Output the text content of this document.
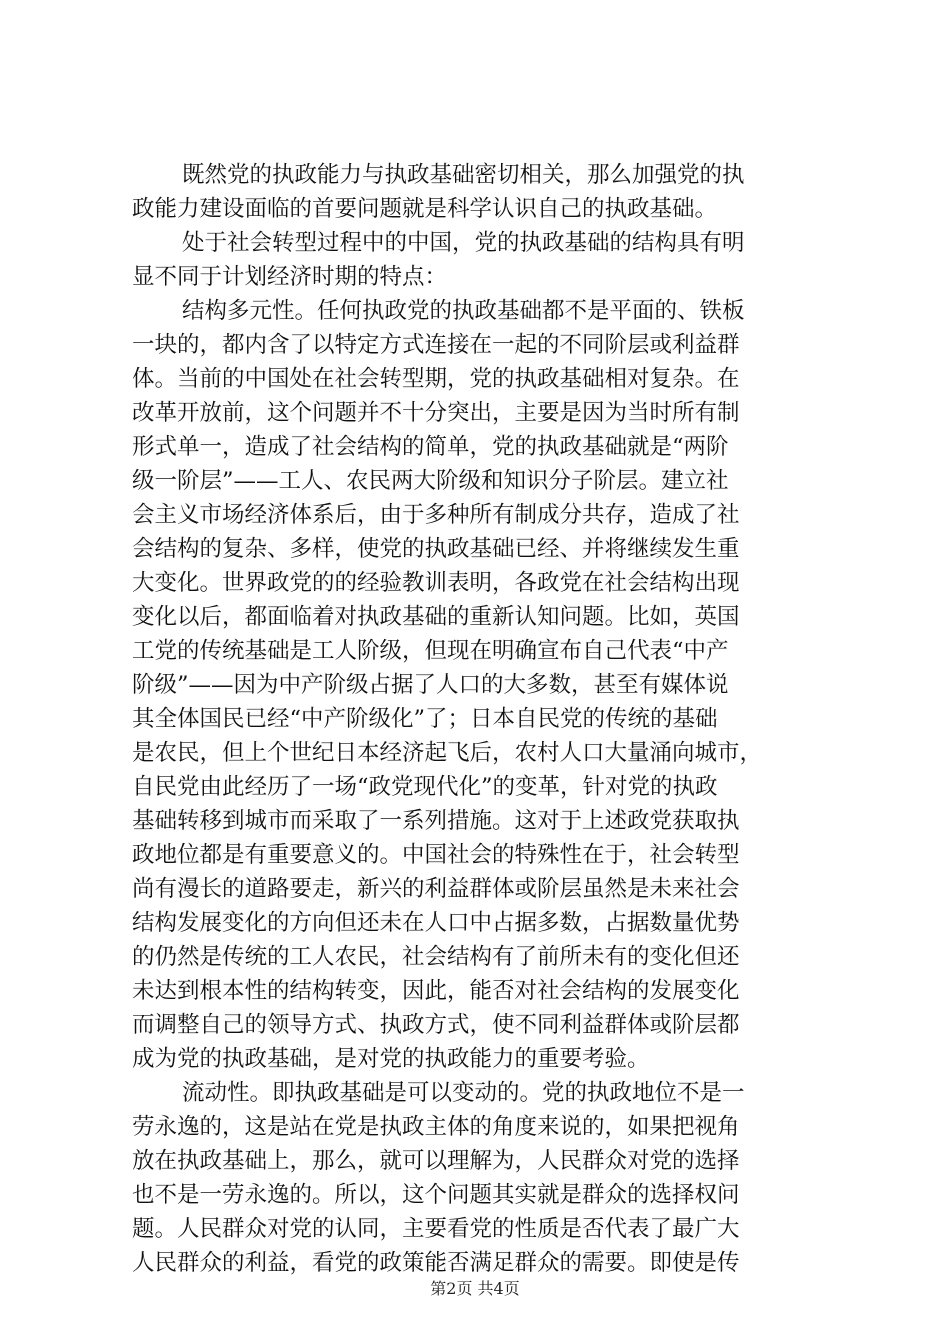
既然党的执政能力与执政基础密切相关，那么加强党的执
政能力建设面临的首要问题就是科学认识自己的执政基础。
处于社会转型过程中的中国，党的执政基础的结构具有明
显不同于计划经济时期的特点：
结构多元性。任何执政党的执政基础都不是平面的、铁板
一块的，都内含了以特定方式连接在一起的不同阶层或利益群
体。当前的中国处在社会转型期，党的执政基础相对复杂。在
改革开放前，这个问题并不十分突出，主要是因为当时所有制
形式单一，造成了社会结构的简单，党的执政基础就是“两阶
级一阶层”——工人、农民两大阶级和知识分子阶层。建立社
会主义市场经济体系后，由于多种所有制成分共存，造成了社
会结构的复杂、多样，使党的执政基础已经、并将继续发生重
大变化。世界政党的的经验教训表明，各政党在社会结构出现
变化以后，都面临着对执政基础的重新认知问题。比如，英国
工党的传统基础是工人阶级，但现在明确宣布自己代表“中产
阶级”——因为中产阶级占据了人口的大多数，甚至有媒体说
其全体国民已经“中产阶级化”了；日本自民党的传统的基础
是农民，但上个世纪日本经济起飞后，农村人口大量涌向城市，
自民党由此经历了一场“政党现代化”的变革，针对党的执政
基础转移到城市而采取了一系列措施。这对于上述政党获取执
政地位都是有重要意义的。中国社会的特殊性在于，社会转型
尚有漫长的道路要走，新兴的利益群体或阶层虽然是未来社会
结构发展变化的方向但还未在人口中占据多数，占据数量优势
的仍然是传统的工人农民，社会结构有了前所未有的变化但还
未达到根本性的结构转变，因此，能否对社会结构的发展变化
而调整自己的领导方式、执政方式，使不同利益群体或阶层都
成为党的执政基础，是对党的执政能力的重要考验。
流动性。即执政基础是可以变动的。党的执政地位不是一
劳永逸的，这是站在党是执政主体的角度来说的，如果把视角
放在执政基础上，那么，就可以理解为，人民群众对党的选择
也不是一劳永逸的。所以，这个问题其实就是群众的选择权问
题。人民群众对党的认同，主要看党的性质是否代表了最广大
人民群众的利益，看党的政策能否满足群众的需要。即使是传
第2页 共4页
